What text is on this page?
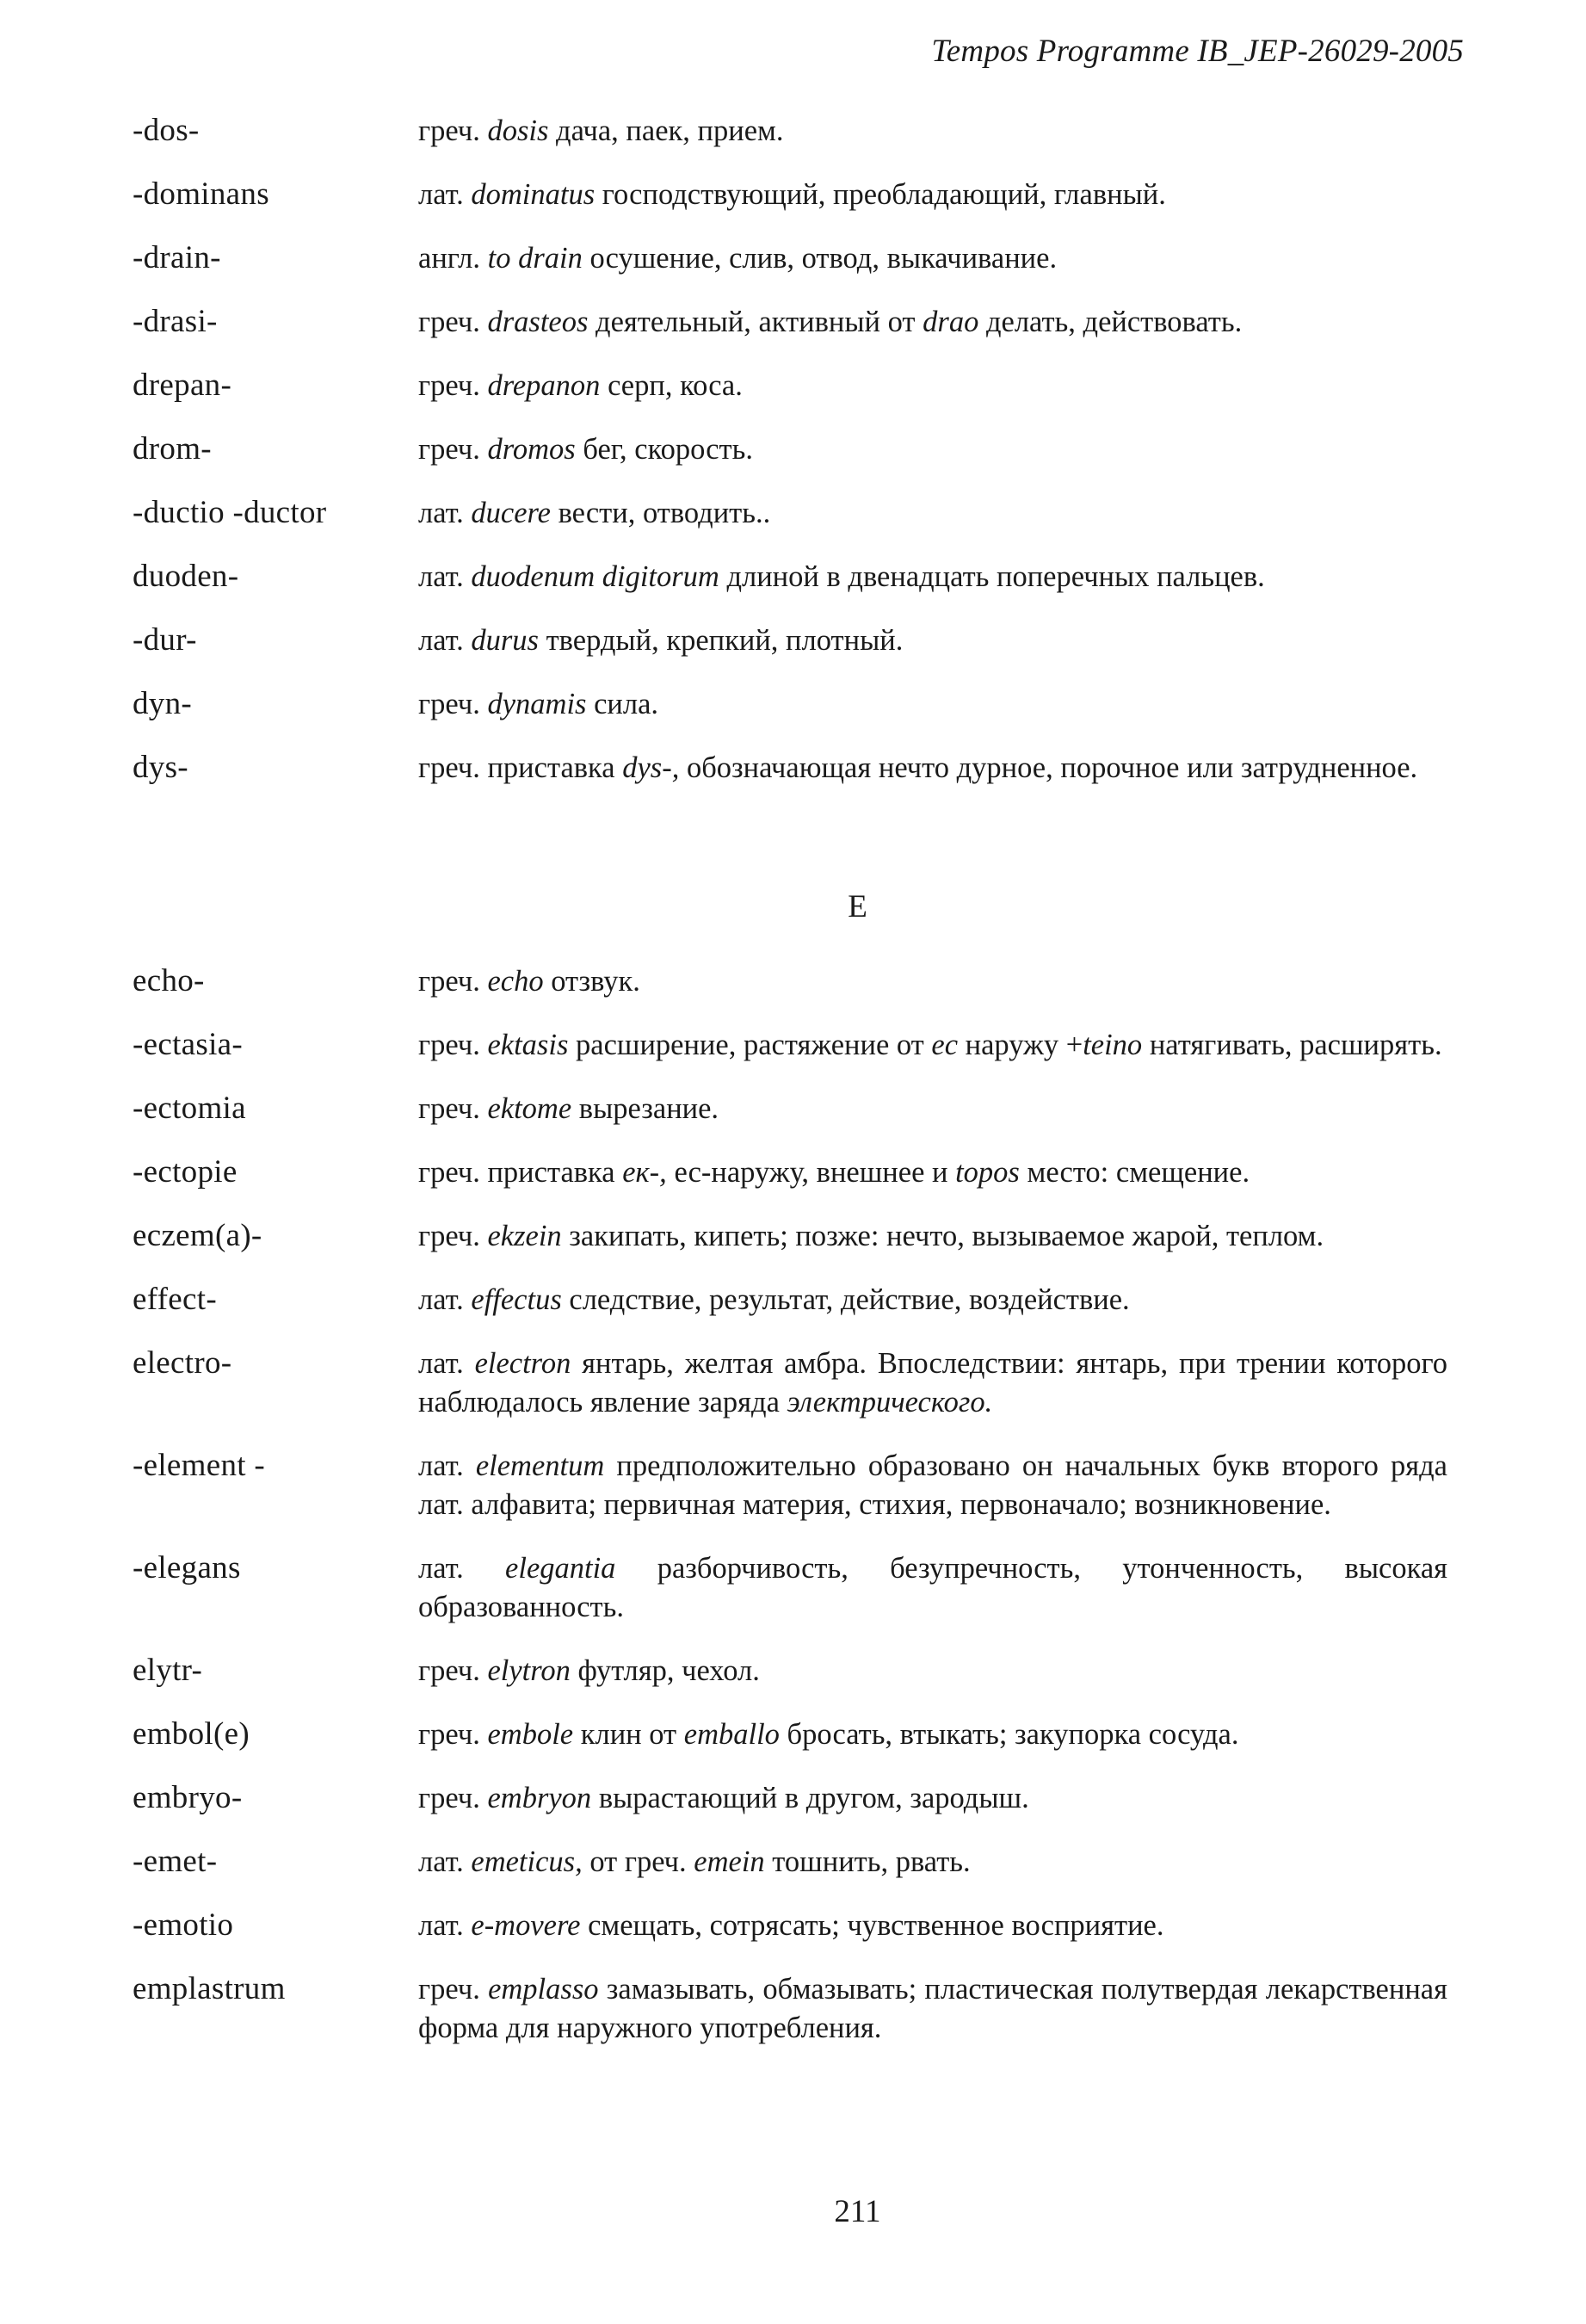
Tempos Programme IB_JEP-26029-2005
-dos-	греч. dosis дача, паек, прием.
-dominans	лат. dominatus господствующий, преобладающий, главный.
-drain-	англ. to drain осушение, слив, отвод, выкачивание.
-drasi-	греч. drasteos деятельный, активный от drao делать, действовать.
drepan-	греч. drepanon серп, коса.
drom-	греч. dromos бег, скорость.
-ductio -ductor	лат. ducere вести, отводить..
duoden-	лат. duodenum digitorum длиной в двенадцать поперечных пальцев.
-dur-	лат. durus твердый, крепкий, плотный.
dyn-	греч. dynamis сила.
dys-	греч. приставка dys-, обозначающая нечто дурное, порочное или затрудненное.
E
echo-	греч. echo отзвук.
-ectasia-	греч. ektasis расширение, растяжение от ec наружу +teino натягивать, расширять.
-ectomia	греч. ektome вырезание.
-ectopie	греч. приставка ек-, ес-наружу, внешнее и topos место: смещение.
eczem(a)-	греч. ekzein закипать, кипеть; позже: нечто, вызываемое жарой, теплом.
effect-	лат. effectus следствие, результат, действие, воздействие.
electro-	лат. electron янтарь, желтая амбра. Впоследствии: янтарь, при трении которого наблюдалось явление заряда электрического.
-element -	лат. elementum предположительно образовано он начальных букв второго ряда лат. алфавита; первичная материя, стихия, первоначало; возникновение.
-elegans	лат. elegantia разборчивость, безупречность, утонченность, высокая образованность.
elytr-	греч. elytron футляр, чехол.
embol(e)	греч. embole клин от emballo бросать, втыкать; закупорка сосуда.
embryo-	греч. embryon вырастающий в другом, зародыш.
-emet-	лат. emeticus, от греч. emein тошнить, рвать.
-emotio	лат. e-movere смещать, сотрясать; чувственное восприятие.
emplastrum	греч. emplasso замазывать, обмазывать; пластическая полутвердая лекарственная форма для наружного употребления.
211
